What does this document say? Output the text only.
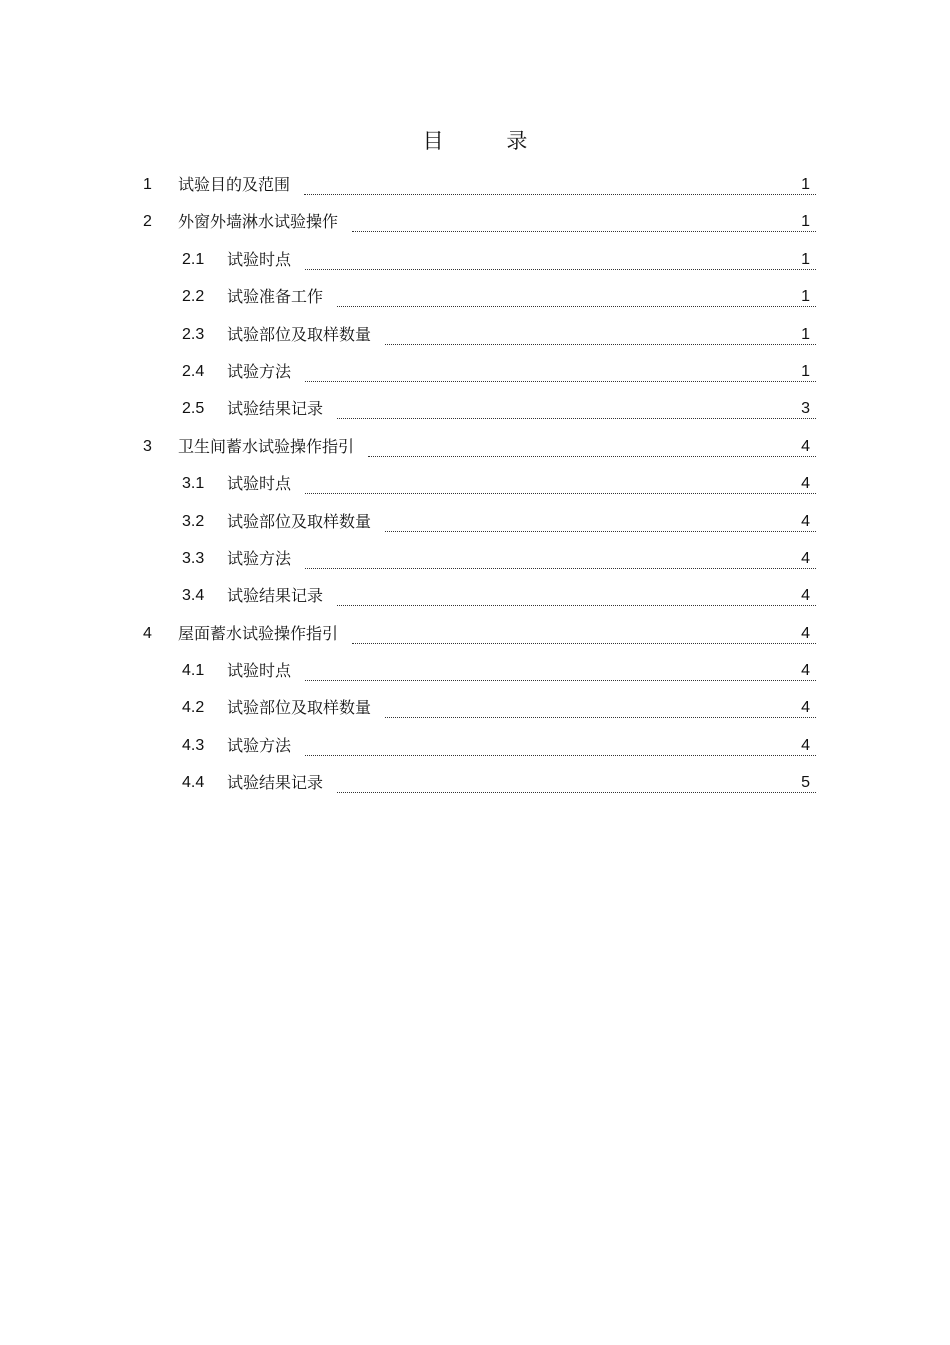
目 录
1 试验目的及范围	1
2 外窗外墙淋水试验操作	1
2.1 试验时点	1
2.2 试验准备工作	1
2.3 试验部位及取样数量	1
2.4 试验方法	1
2.5 试验结果记录	3
3 卫生间蓄水试验操作指引	4
3.1 试验时点	4
3.2 试验部位及取样数量	4
3.3 试验方法	4
3.4 试验结果记录	4
4 屋面蓄水试验操作指引	4
4.1 试验时点	4
4.2 试验部位及取样数量	4
4.3 试验方法	4
4.4 试验结果记录	5
